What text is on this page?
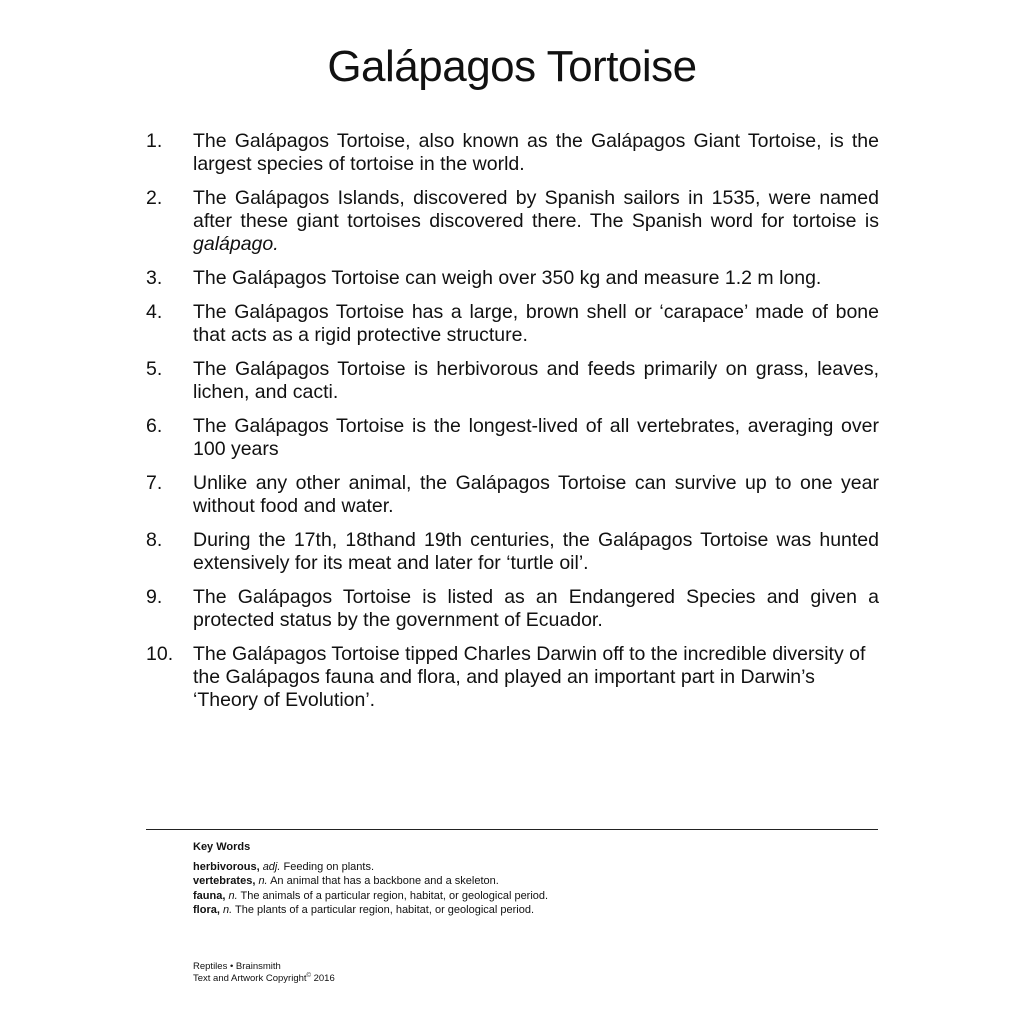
Galápagos Tortoise
1. The Galápagos Tortoise, also known as the Galápagos Giant Tortoise, is the largest species of tortoise in the world.
2. The Galápagos Islands, discovered by Spanish sailors in 1535, were named after these giant tortoises discovered there. The Spanish word for tortoise is galápago.
3. The Galápagos Tortoise can weigh over 350 kg and measure 1.2 m long.
4. The Galápagos Tortoise has a large, brown shell or ‘carapace’ made of bone that acts as a rigid protective structure.
5. The Galápagos Tortoise is herbivorous and feeds primarily on grass, leaves, lichen, and cacti.
6. The Galápagos Tortoise is the longest-lived of all vertebrates, averaging over 100 years
7. Unlike any other animal, the Galápagos Tortoise can survive up to one year without food and water.
8. During the 17th, 18thand 19th centuries, the Galápagos Tortoise was hunted extensively for its meat and later for ‘turtle oil’.
9. The Galápagos Tortoise is listed as an Endangered Species and given a protected status by the government of Ecuador.
10. The Galápagos Tortoise tipped Charles Darwin off to the incredible diversity of the Galápagos fauna and flora, and played an important part in Darwin’s ‘Theory of Evolution’.
Key Words
herbivorous, adj. Feeding on plants.
vertebrates, n. An animal that has a backbone and a skeleton.
fauna, n. The animals of a particular region, habitat, or geological period.
flora, n. The plants of a particular region, habitat, or geological period.
Reptiles • Brainsmith
Text and Artwork Copyright© 2016
